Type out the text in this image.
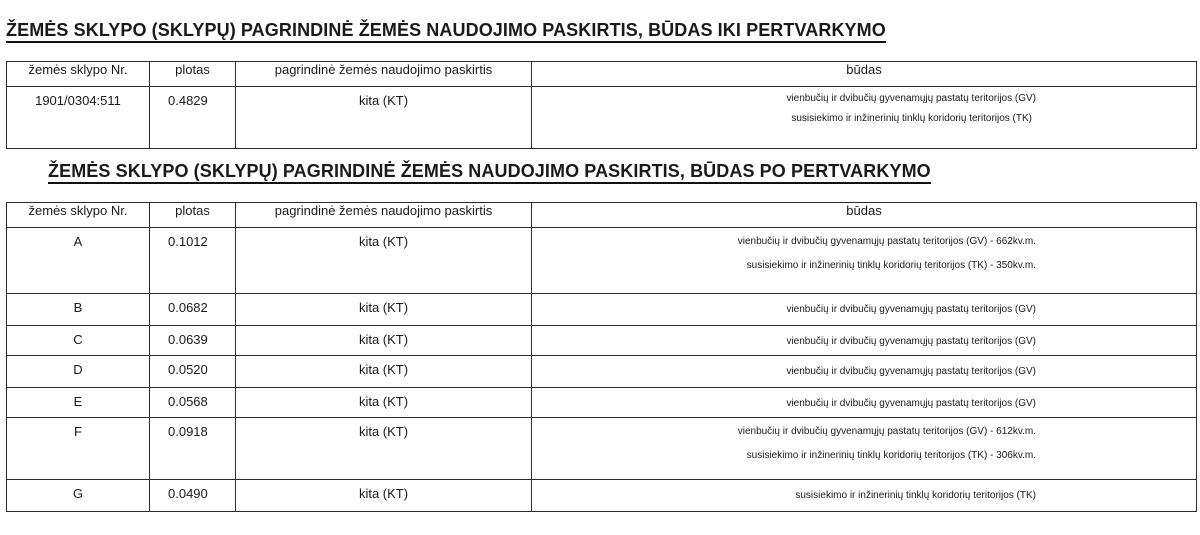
ŽEMĖS SKLYPO (SKLYPŲ) PAGRINDINĖ ŽEMĖS NAUDOJIMO PASKIRTIS, BŪDAS IKI PERTVARKYMO
žemės sklypo Nr.	plotas	pagrindinė žemės naudojimo paskirtis	būdas
1901/0304:511	0.4829	kita (KT)	vienbučių ir dvibučių gyvenamųjų pastatų teritorijos (GV)
susisiekimo ir inžinerinių tinklų koridorių teritorijos (TK)
ŽEMĖS SKLYPO (SKLYPŲ) PAGRINDINĖ ŽEMĖS NAUDOJIMO PASKIRTIS, BŪDAS PO PERTVARKYMO
žemės sklypo Nr.	plotas	pagrindinė žemės naudojimo paskirtis	būdas
A	0.1012	kita (KT)	vienbučių ir dvibučių gyvenamųjų pastatų teritorijos (GV) - 662kv.m.
susisiekimo ir inžinerinių tinklų koridorių teritorijos (TK) - 350kv.m.

B	0.0682	kita (KT)	vienbučių ir dvibučių gyvenamųjų pastatų teritorijos (GV)

C	0.0639	kita (KT)	vienbučių ir dvibučių gyvenamųjų pastatų teritorijos (GV)

D	0.0520	kita (KT)	vienbučių ir dvibučių gyvenamųjų pastatų teritorijos (GV)

E	0.0568	kita (KT)	vienbučių ir dvibučių gyvenamųjų pastatų teritorijos (GV)

F	0.0918	kita (KT)	vienbučių ir dvibučių gyvenamųjų pastatų teritorijos (GV) - 612kv.m.
susisiekimo ir inžinerinių tinklų koridorių teritorijos (TK) - 306kv.m.

G	0.0490	kita (KT)	susisiekimo ir inžinerinių tinklų koridorių teritorijos (TK)
